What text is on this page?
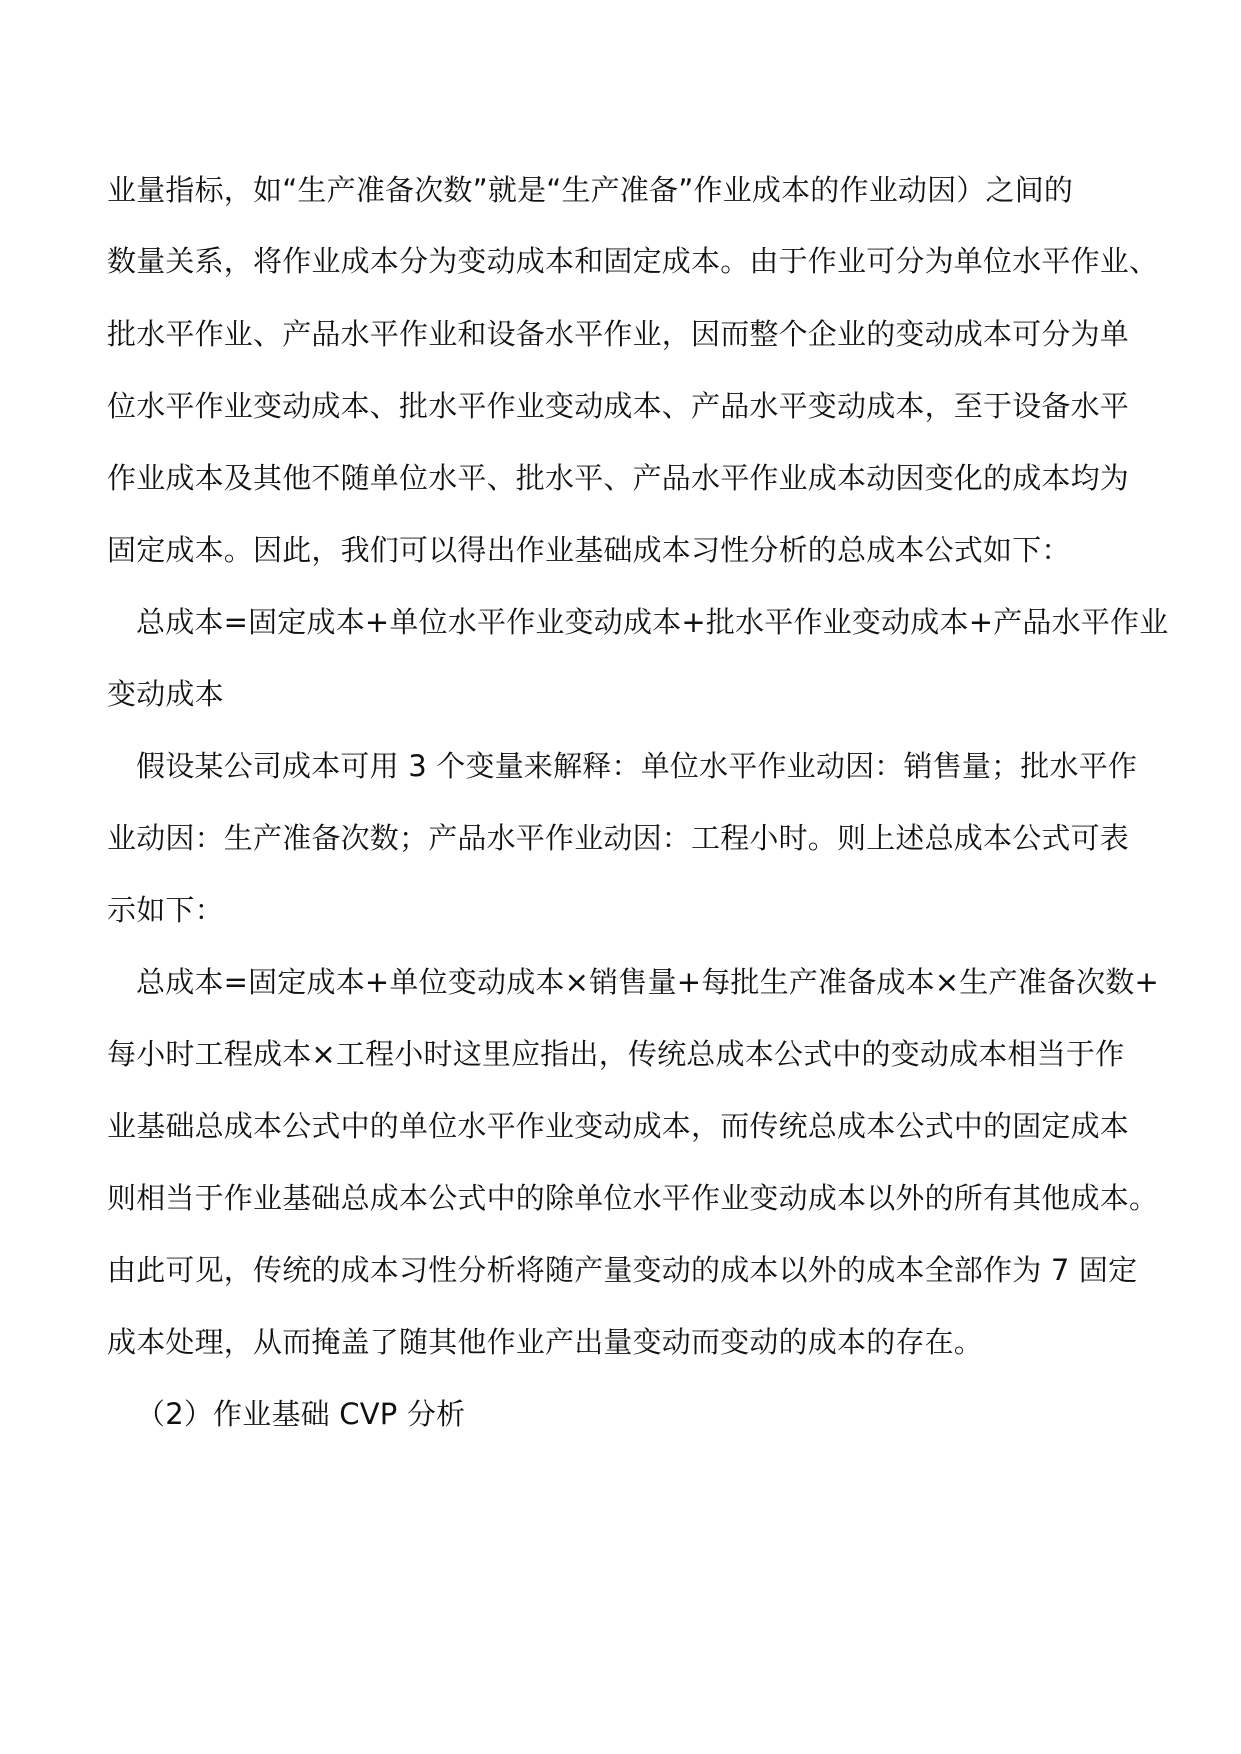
业量指标，如“生产准备次数”就是“生产准备”作业成本的作业动因）之间的
数量关系，将作业成本分为变动成本和固定成本。由于作业可分为单位水平作业、
批水平作业、产品水平作业和设备水平作业，因而整个企业的变动成本可分为单
位水平作业变动成本、批水平作业变动成本、产品水平变动成本，至于设备水平
作业成本及其他不随单位水平、批水平、产品水平作业成本动因变化的成本均为
固定成本。因此，我们可以得出作业基础成本习性分析的总成本公式如下：
总成本=固定成本+单位水平作业变动成本+批水平作业变动成本+产品水平作业
变动成本
假设某公司成本可用 3 个变量来解释：单位水平作业动因：销售量；批水平作
业动因：生产准备次数；产品水平作业动因：工程小时。则上述总成本公式可表
示如下：
总成本=固定成本+单位变动成本×销售量+每批生产准备成本×生产准备次数+
每小时工程成本×工程小时这里应指出，传统总成本公式中的变动成本相当于作
业基础总成本公式中的单位水平作业变动成本，而传统总成本公式中的固定成本
则相当于作业基础总成本公式中的除单位水平作业变动成本以外的所有其他成本。
由此可见，传统的成本习性分析将随产量变动的成本以外的成本全部作为 7 固定
成本处理，从而掩盖了随其他作业产出量变动而变动的成本的存在。
（2）作业基础 CVP 分析
